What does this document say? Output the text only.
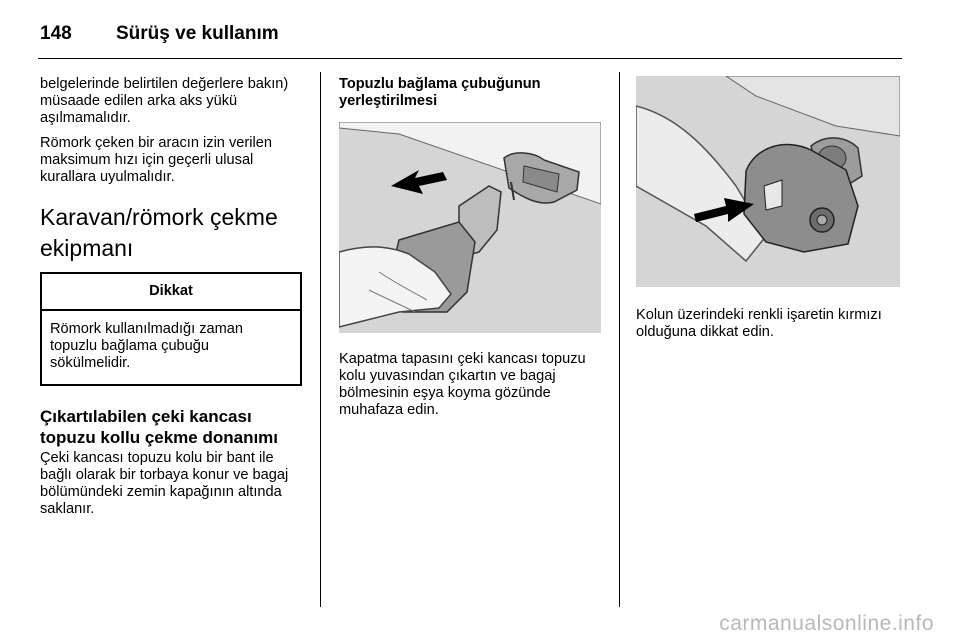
148	Sürüş ve kullanım

belgelerinde belirtilen değerlere bakın) müsaade edilen arka aks yükü aşılmamalıdır.

Römork çeken bir aracın izin verilen maksimum hızı için geçerli ulusal kurallara uyulmalıdır.

Karavan/römork çekme ekipmanı
Dikkat
Römork kullanılmadığı zaman topuzlu bağlama çubuğu sökülmelidir.
Çıkartılabilen çeki kancası topuzu kollu çekme donanımı

Çeki kancası topuzu kolu bir bant ile bağlı olarak bir torbaya konur ve bagaj bölümündeki zemin kapağının altında saklanır.

Topuzlu bağlama çubuğunun yerleştirilmesi

Kapatma tapasını çeki kancası topuzu kolu yuvasından çıkartın ve bagaj bölmesinin eşya koyma gözünde muhafaza edin.

Kolun üzerindeki renkli işaretin kırmızı olduğuna dikkat edin.

carmanualsonline.info
